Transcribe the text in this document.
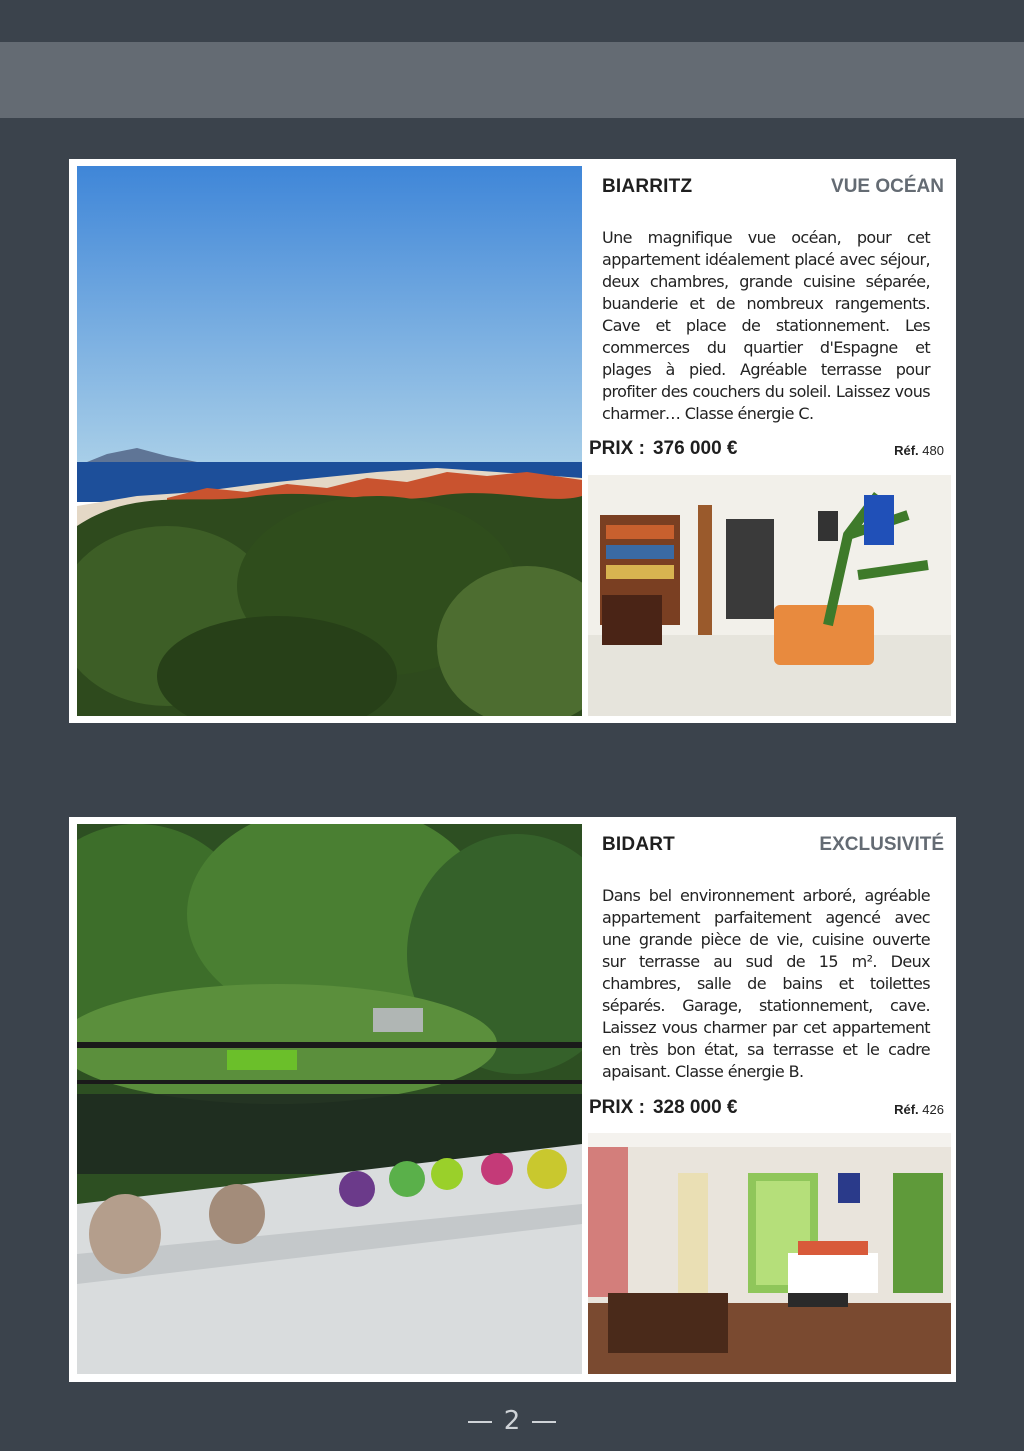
BIARRITZ	VUE OCÉAN
Une magnifique vue océan, pour cet appartement idéalement placé avec séjour, deux chambres, grande cuisine séparée, buanderie et de nombreux rangements. Cave et place de stationnement. Les commerces du quartier d'Espagne et plages à pied. Agréable terrasse pour profiter des couchers du soleil. Laissez vous charmer… Classe énergie C.
PRIX : 376 000 €	Réf. 480
BIDART	EXCLUSIVITÉ
Dans bel environnement arboré, agréable appartement parfaitement agencé avec une grande pièce de vie, cuisine ouverte sur terrasse au sud de 15 m². Deux chambres, salle de bains et toilettes séparés. Garage, stationnement, cave. Laissez vous charmer par cet appartement en très bon état, sa terrasse et le cadre apaisant. Classe énergie B.
PRIX : 328 000 €	Réf. 426
2
